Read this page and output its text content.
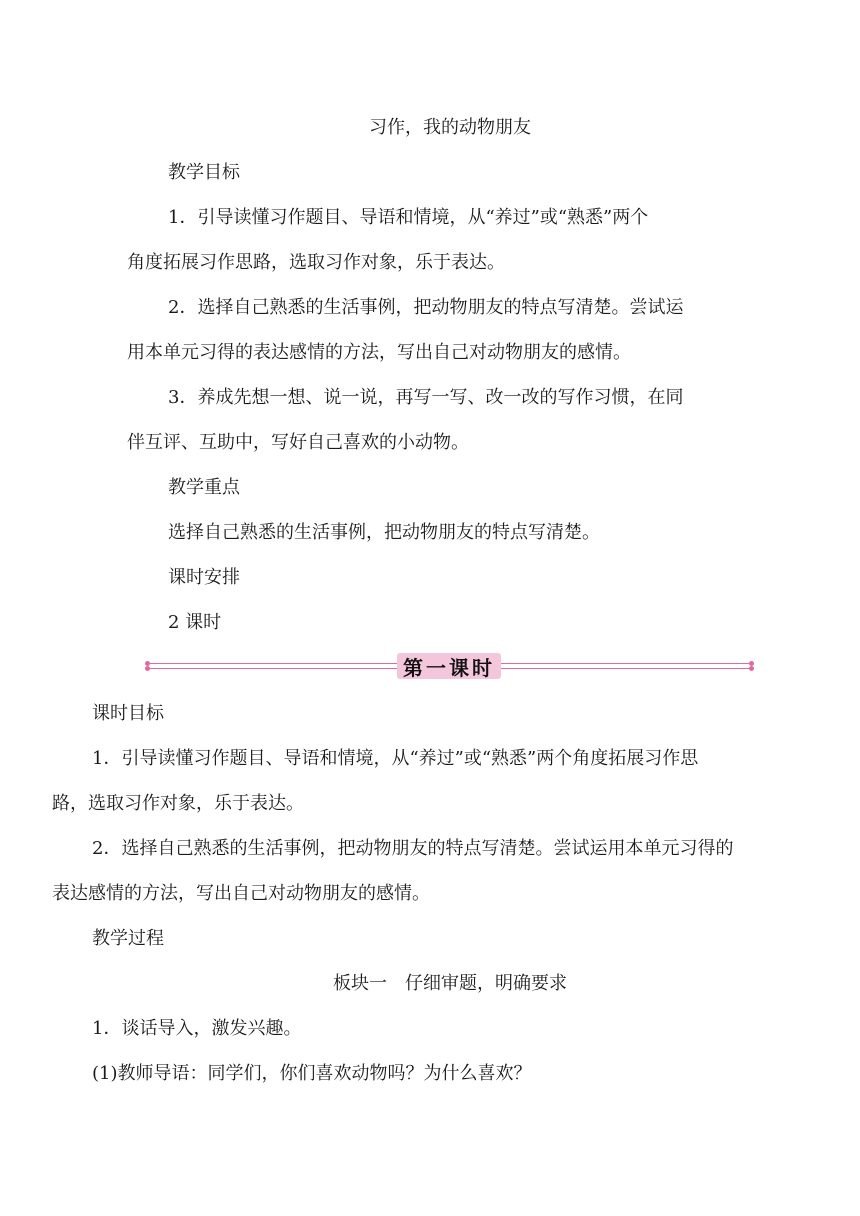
习作，我的动物朋友
教学目标
1．引导读懂习作题目、导语和情境，从“养过”或“熟悉”两个
角度拓展习作思路，选取习作对象，乐于表达。
2．选择自己熟悉的生活事例，把动物朋友的特点写清楚。尝试运
用本单元习得的表达感情的方法，写出自己对动物朋友的感情。
3．养成先想一想、说一说，再写一写、改一改的写作习惯，在同
伴互评、互助中，写好自己喜欢的小动物。
教学重点
选择自己熟悉的生活事例，把动物朋友的特点写清楚。
课时安排
2 课时
第一课时
课时目标
1．引导读懂习作题目、导语和情境，从“养过”或“熟悉”两个角度拓展习作思
路，选取习作对象，乐于表达。
2．选择自己熟悉的生活事例，把动物朋友的特点写清楚。尝试运用本单元习得的
表达感情的方法，写出自己对动物朋友的感情。
教学过程
板块一　仔细审题，明确要求
1．谈话导入，激发兴趣。
(1)教师导语：同学们，你们喜欢动物吗？为什么喜欢？
